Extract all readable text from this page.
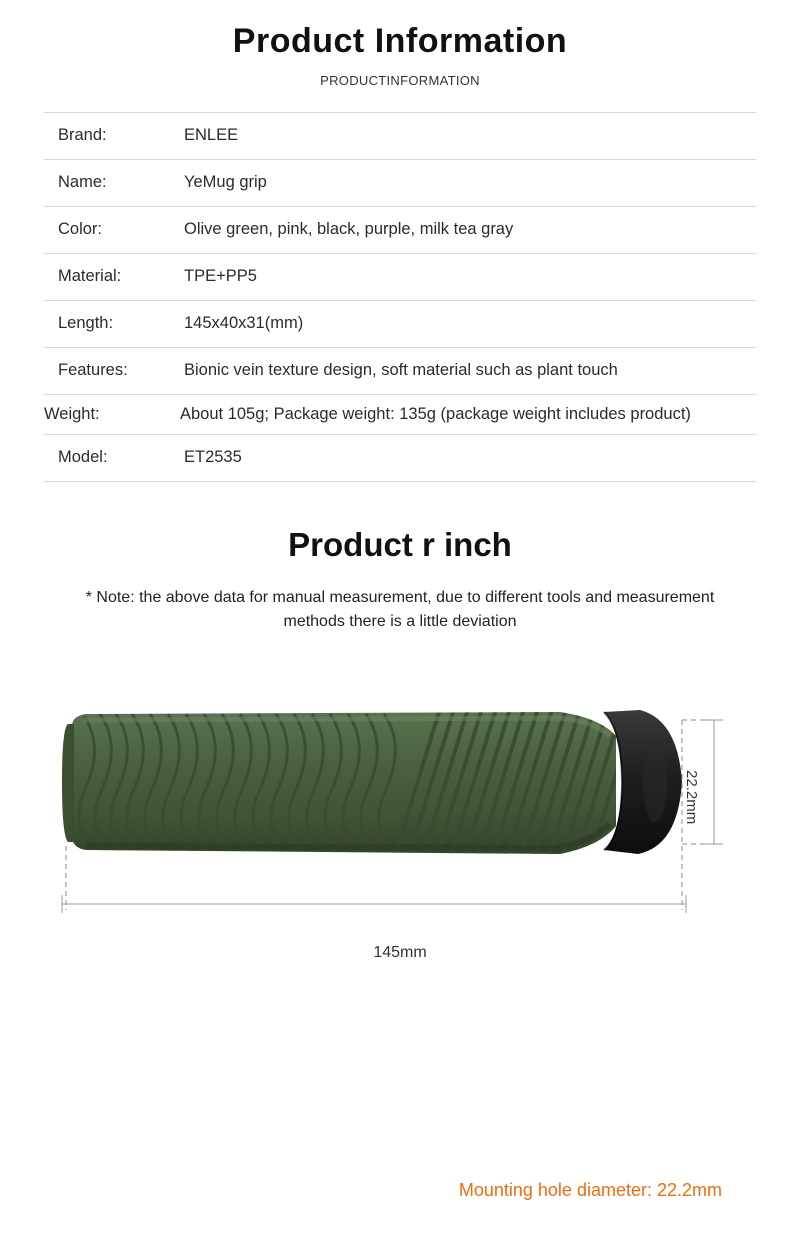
Product Information
PRODUCTINFORMATION
Brand:	ENLEE
Name:	YeMug grip
Color:	Olive green, pink, black, purple, milk tea gray
Material:	TPE+PP5
Length:	145x40x31(mm)
Features:	Bionic vein texture design, soft material such as plant touch
Weight:	About 105g; Package weight: 135g (package weight includes product)
Model:	ET2535
Product r inch
* Note: the above data for manual measurement, due to different tools and measurement methods there is a little deviation
145mm
22.2mm
Mounting hole diameter: 22.2mm
